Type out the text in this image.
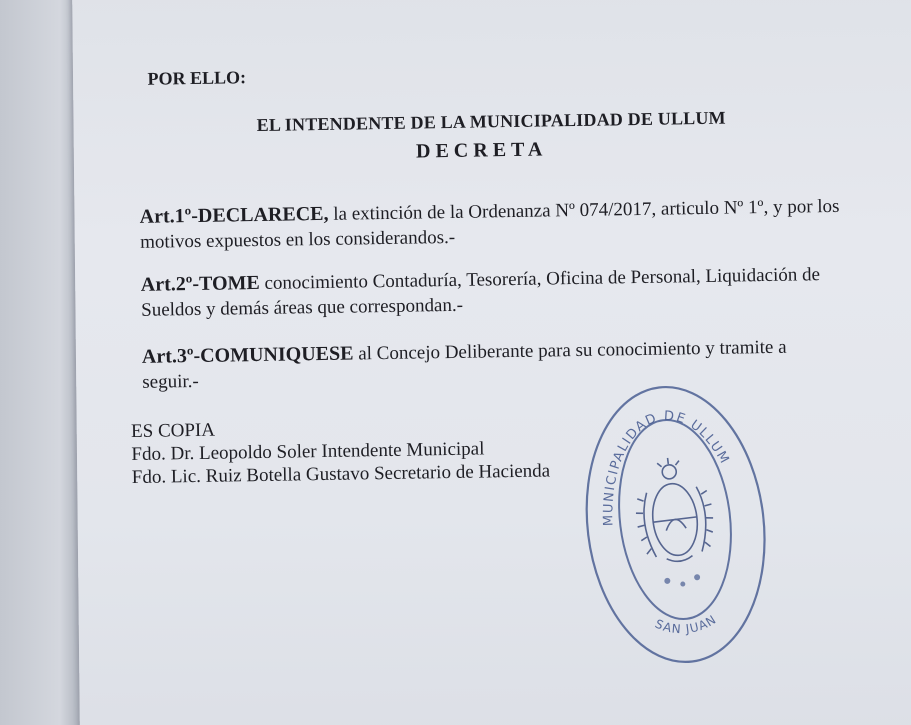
POR ELLO:
EL INTENDENTE DE LA MUNICIPALIDAD DE ULLUM
DECRETA
Art.1º-DECLARECE, la extinción de la Ordenanza Nº 074/2017, articulo Nº 1º, y por los motivos expuestos en los considerandos.-
Art.2º-TOME conocimiento Contaduría, Tesorería, Oficina de Personal, Liquidación de Sueldos y demás áreas que correspondan.-
Art.3º-COMUNIQUESE al Concejo Deliberante para su conocimiento y tramite a seguir.-
ES COPIA
Fdo. Dr. Leopoldo Soler Intendente Municipal
Fdo. Lic. Ruiz Botella Gustavo Secretario de Hacienda
MUNICIPALIDAD DE ULLUM
SAN JUAN
